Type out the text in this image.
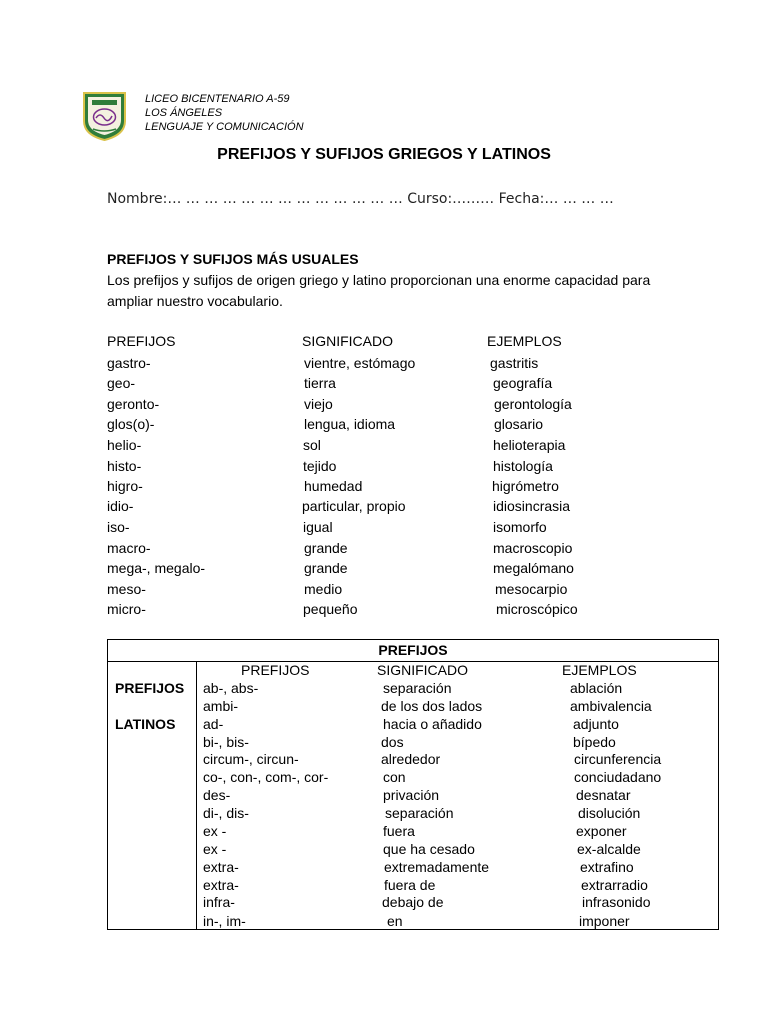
LICEO BICENTENARIO A-59
LOS ÁNGELES
LENGUAJE Y COMUNICACIÓN
PREFIJOS Y SUFIJOS GRIEGOS Y LATINOS
Nombre:… … … … … … … … … … … … … Curso:……… Fecha:… … … …
PREFIJOS Y SUFIJOS MÁS USUALES
Los prefijos y sufijos de origen griego y latino proporcionan una enorme capacidad para ampliar nuestro vocabulario.
PREFIJOS	SIGNIFICADO	EJEMPLOS
gastro-	vientre, estómago	gastritis
geo-	tierra	geografía
geronto-	viejo	gerontología
glos(o)-	lengua, idioma	glosario
helio-	sol	helioterapia
histo-	tejido	histología
higro-	humedad	higrómetro
idio-	particular, propio	idiosincrasia
iso-	igual	isomorfo
macro-	grande	macroscopio
mega-, megalo-	grande	megalómano
meso-	medio	mesocarpio
micro-	pequeño	microscópico
PREFIJOS
PREFIJOS
LATINOS
PREFIJOS	SIGNIFICADO	EJEMPLOS
ab-, abs-	separación	ablación
ambi-	de los dos lados	ambivalencia
ad-	hacia o añadido	adjunto
bi-, bis-	dos	bípedo
circum-, circun-	alrededor	circunferencia
co-, con-, com-, cor-	con	conciudadano
des-	privación	desnatar
di-, dis-	separación	disolución
ex -	fuera	exponer
ex -	que ha cesado	ex-alcalde
extra-	extremadamente	extrafino
extra-	fuera de	extrarradio
infra-	debajo de	infrasonido
in-, im-	en	imponer
